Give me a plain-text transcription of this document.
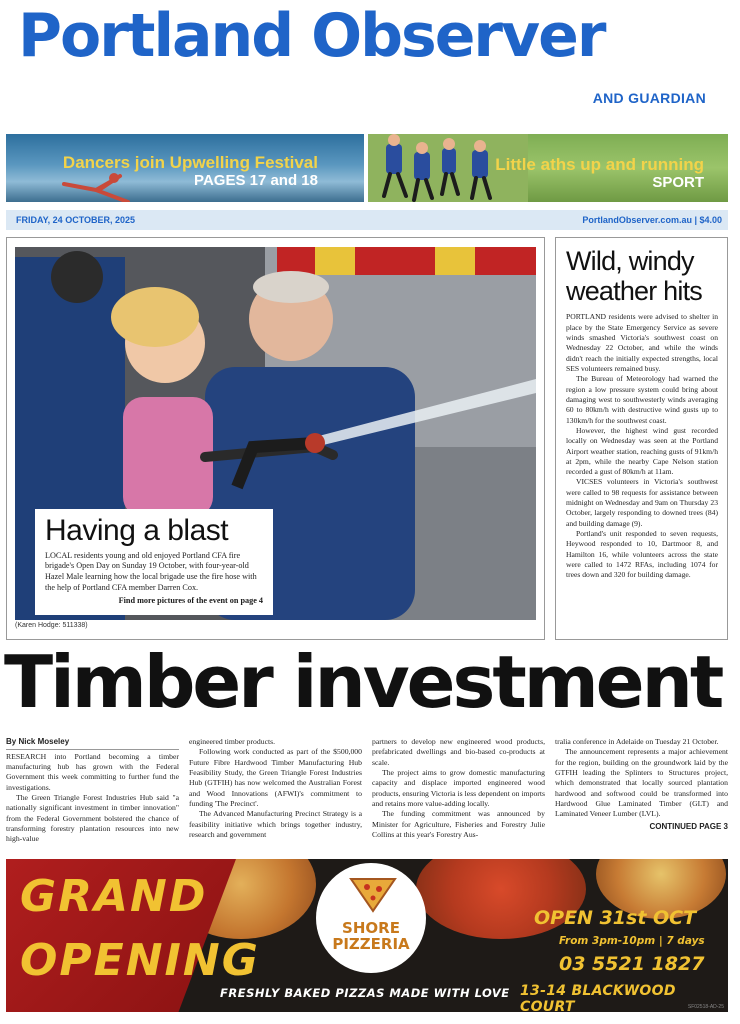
Portland Observer
AND GUARDIAN
Dancers join Upwelling Festival
PAGES 17 and 18
Little aths up and running
SPORT
FRIDAY, 24 OCTOBER, 2025	PortlandObserver.com.au | $4.00
Having a blast
LOCAL residents young and old enjoyed Portland CFA fire brigade's Open Day on Sunday 19 October, with four-year-old Hazel Male learning how the local brigade use the fire hose with the help of Portland CFA member Darren Cox.
Find more pictures of the event on page 4
(Karen Hodge: 511338)
Wild, windy weather hits

PORTLAND residents were advised to shelter in place by the State Emergency Service as severe winds smashed Victoria's southwest coast on Wednesday 22 October, and while the winds didn't reach the initially expected strengths, local SES volunteers remained busy.

The Bureau of Meteorology had warned the region a low pressure system could bring about damaging west to southwesterly winds averaging 60 to 80km/h with destructive wind gusts up to 130km/h for the southwest coast.

However, the highest wind gust recorded locally on Wednesday was seen at the Portland Airport weather station, reaching gusts of 91km/h at 2pm, while the nearby Cape Nelson station recorded a gust of 80km/h at 11am.

VICSES volunteers in Victoria's southwest were called to 98 requests for assistance between midnight on Wednesday and 9am on Thursday 23 October, largely responding to downed trees (84) and building damage (9).

Portland's unit responded to seven requests, Heywood responded to 10, Dartmoor 8, and Hamilton 16, while volunteers across the state were called to 1472 RFAs, including 1074 for trees down and 320 for building damage.

Timber investment
By Nick Moseley

RESEARCH into Portland becoming a timber manufacturing hub has grown with the Federal Government this week committing to further fund the investigations.

The Green Triangle Forest Industries Hub said "a nationally significant investment in timber innovation" from the Federal Government bolstered the chance of transforming forestry plantation resources into new high-value

engineered timber products.

Following work conducted as part of the $500,000 Future Fibre Hardwood Timber Manufacturing Hub Feasibility Study, the Green Triangle Forest Industries Hub (GTFIH) has now welcomed the Australian Forest and Wood Innovations (AFWI)'s commitment to funding 'The Precinct'.

The Advanced Manufacturing Precinct Strategy is a feasibility initiative which brings together industry, research and government

partners to develop new engineered wood products, prefabricated dwellings and bio-based co-products at scale.

The project aims to grow domestic manufacturing capacity and displace imported engineered wood products, ensuring Victoria is less dependent on imports and retains more value-adding locally.

The funding commitment was announced by Minister for Agriculture, Fisheries and Forestry Julie Collins at this year's Forestry Aus-

tralia conference in Adelaide on Tuesday 21 October.

The announcement represents a major achievement for the region, building on the groundwork laid by the GTFIH leading the Splinters to Structures project, which demonstrated that locally sourced plantation hardwood and softwood could be transformed into Hardwood Glue Laminated Timber (GLT) and Laminated Veneer Lumber (LVL).

CONTINUED PAGE 3
GRAND
OPENING
SHORE PIZZERIA
OPEN 31st OCT
From 3pm-10pm | 7 days
03 5521 1827
FRESHLY BAKED PIZZAS MADE WITH LOVE 13-14 BLACKWOOD COURT	SF02518-AD-25
